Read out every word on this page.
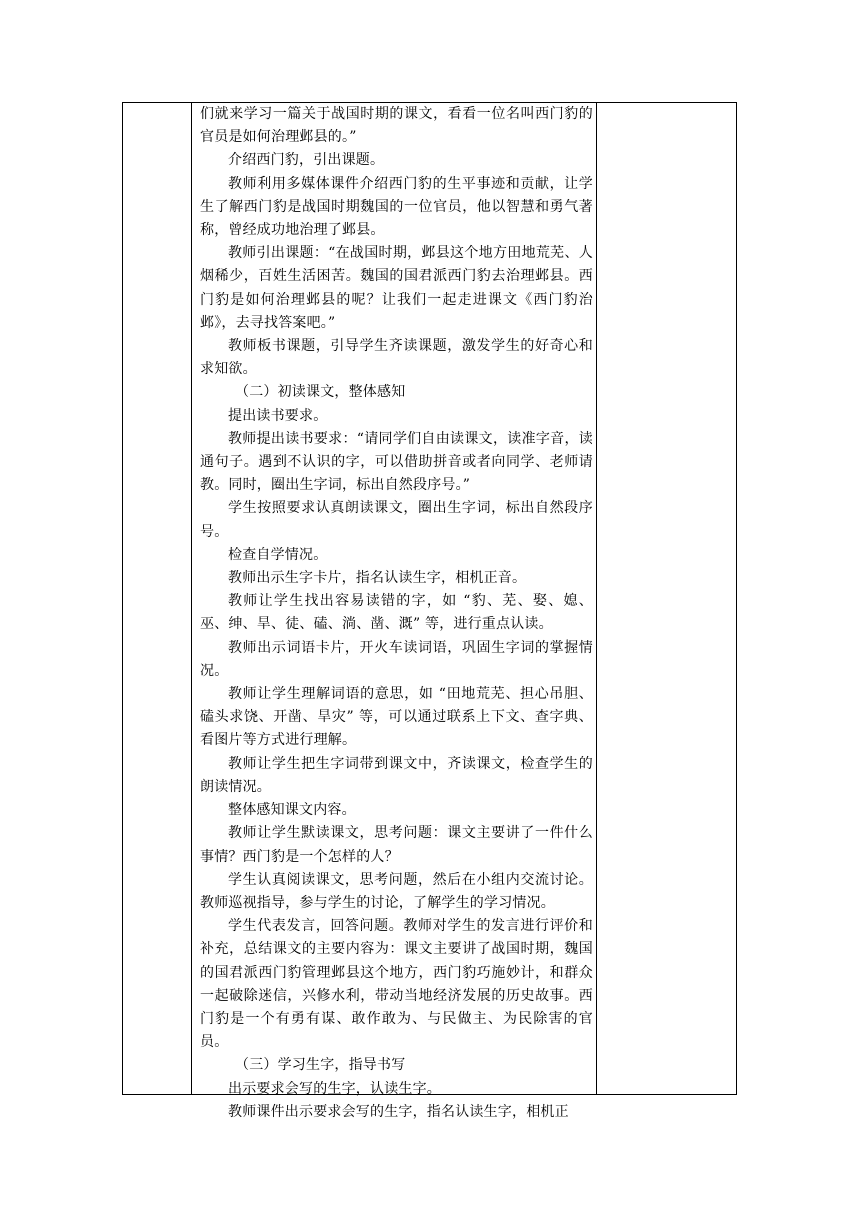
们就来学习一篇关于战国时期的课文，看看一位名叫西门豹的官员是如何治理邺县的。”

介绍西门豹，引出课题。

教师利用多媒体课件介绍西门豹的生平事迹和贡献，让学生了解西门豹是战国时期魏国的一位官员，他以智慧和勇气著称，曾经成功地治理了邺县。

教师引出课题：“在战国时期，邺县这个地方田地荒芜、人烟稀少，百姓生活困苦。魏国的国君派西门豹去治理邺县。西门豹是如何治理邺县的呢？让我们一起走进课文《西门豹治邺》，去寻找答案吧。”

教师板书课题，引导学生齐读课题，激发学生的好奇心和求知欲。

（二）初读课文，整体感知

提出读书要求。

教师提出读书要求：“请同学们自由读课文，读准字音，读通句子。遇到不认识的字，可以借助拼音或者向同学、老师请教。同时，圈出生字词，标出自然段序号。”

学生按照要求认真朗读课文，圈出生字词，标出自然段序号。

检查自学情况。

教师出示生字卡片，指名认读生字，相机正音。

教师让学生找出容易读错的字，如 “豹、芜、娶、媳、巫、绅、旱、徒、磕、淌、凿、溉” 等，进行重点认读。

教师出示词语卡片，开火车读词语，巩固生字词的掌握情况。

教师让学生理解词语的意思，如 “田地荒芜、担心吊胆、磕头求饶、开凿、旱灾” 等，可以通过联系上下文、查字典、看图片等方式进行理解。

教师让学生把生字词带到课文中，齐读课文，检查学生的朗读情况。

整体感知课文内容。

教师让学生默读课文，思考问题：课文主要讲了一件什么事情？西门豹是一个怎样的人？

学生认真阅读课文，思考问题，然后在小组内交流讨论。教师巡视指导，参与学生的讨论，了解学生的学习情况。

学生代表发言，回答问题。教师对学生的发言进行评价和补充，总结课文的主要内容为：课文主要讲了战国时期，魏国的国君派西门豹管理邺县这个地方，西门豹巧施妙计，和群众一起破除迷信，兴修水利，带动当地经济发展的历史故事。西门豹是一个有勇有谋、敢作敢为、与民做主、为民除害的官员。

（三）学习生字，指导书写

出示要求会写的生字，认读生字。

教师课件出示要求会写的生字，指名认读生字，相机正
